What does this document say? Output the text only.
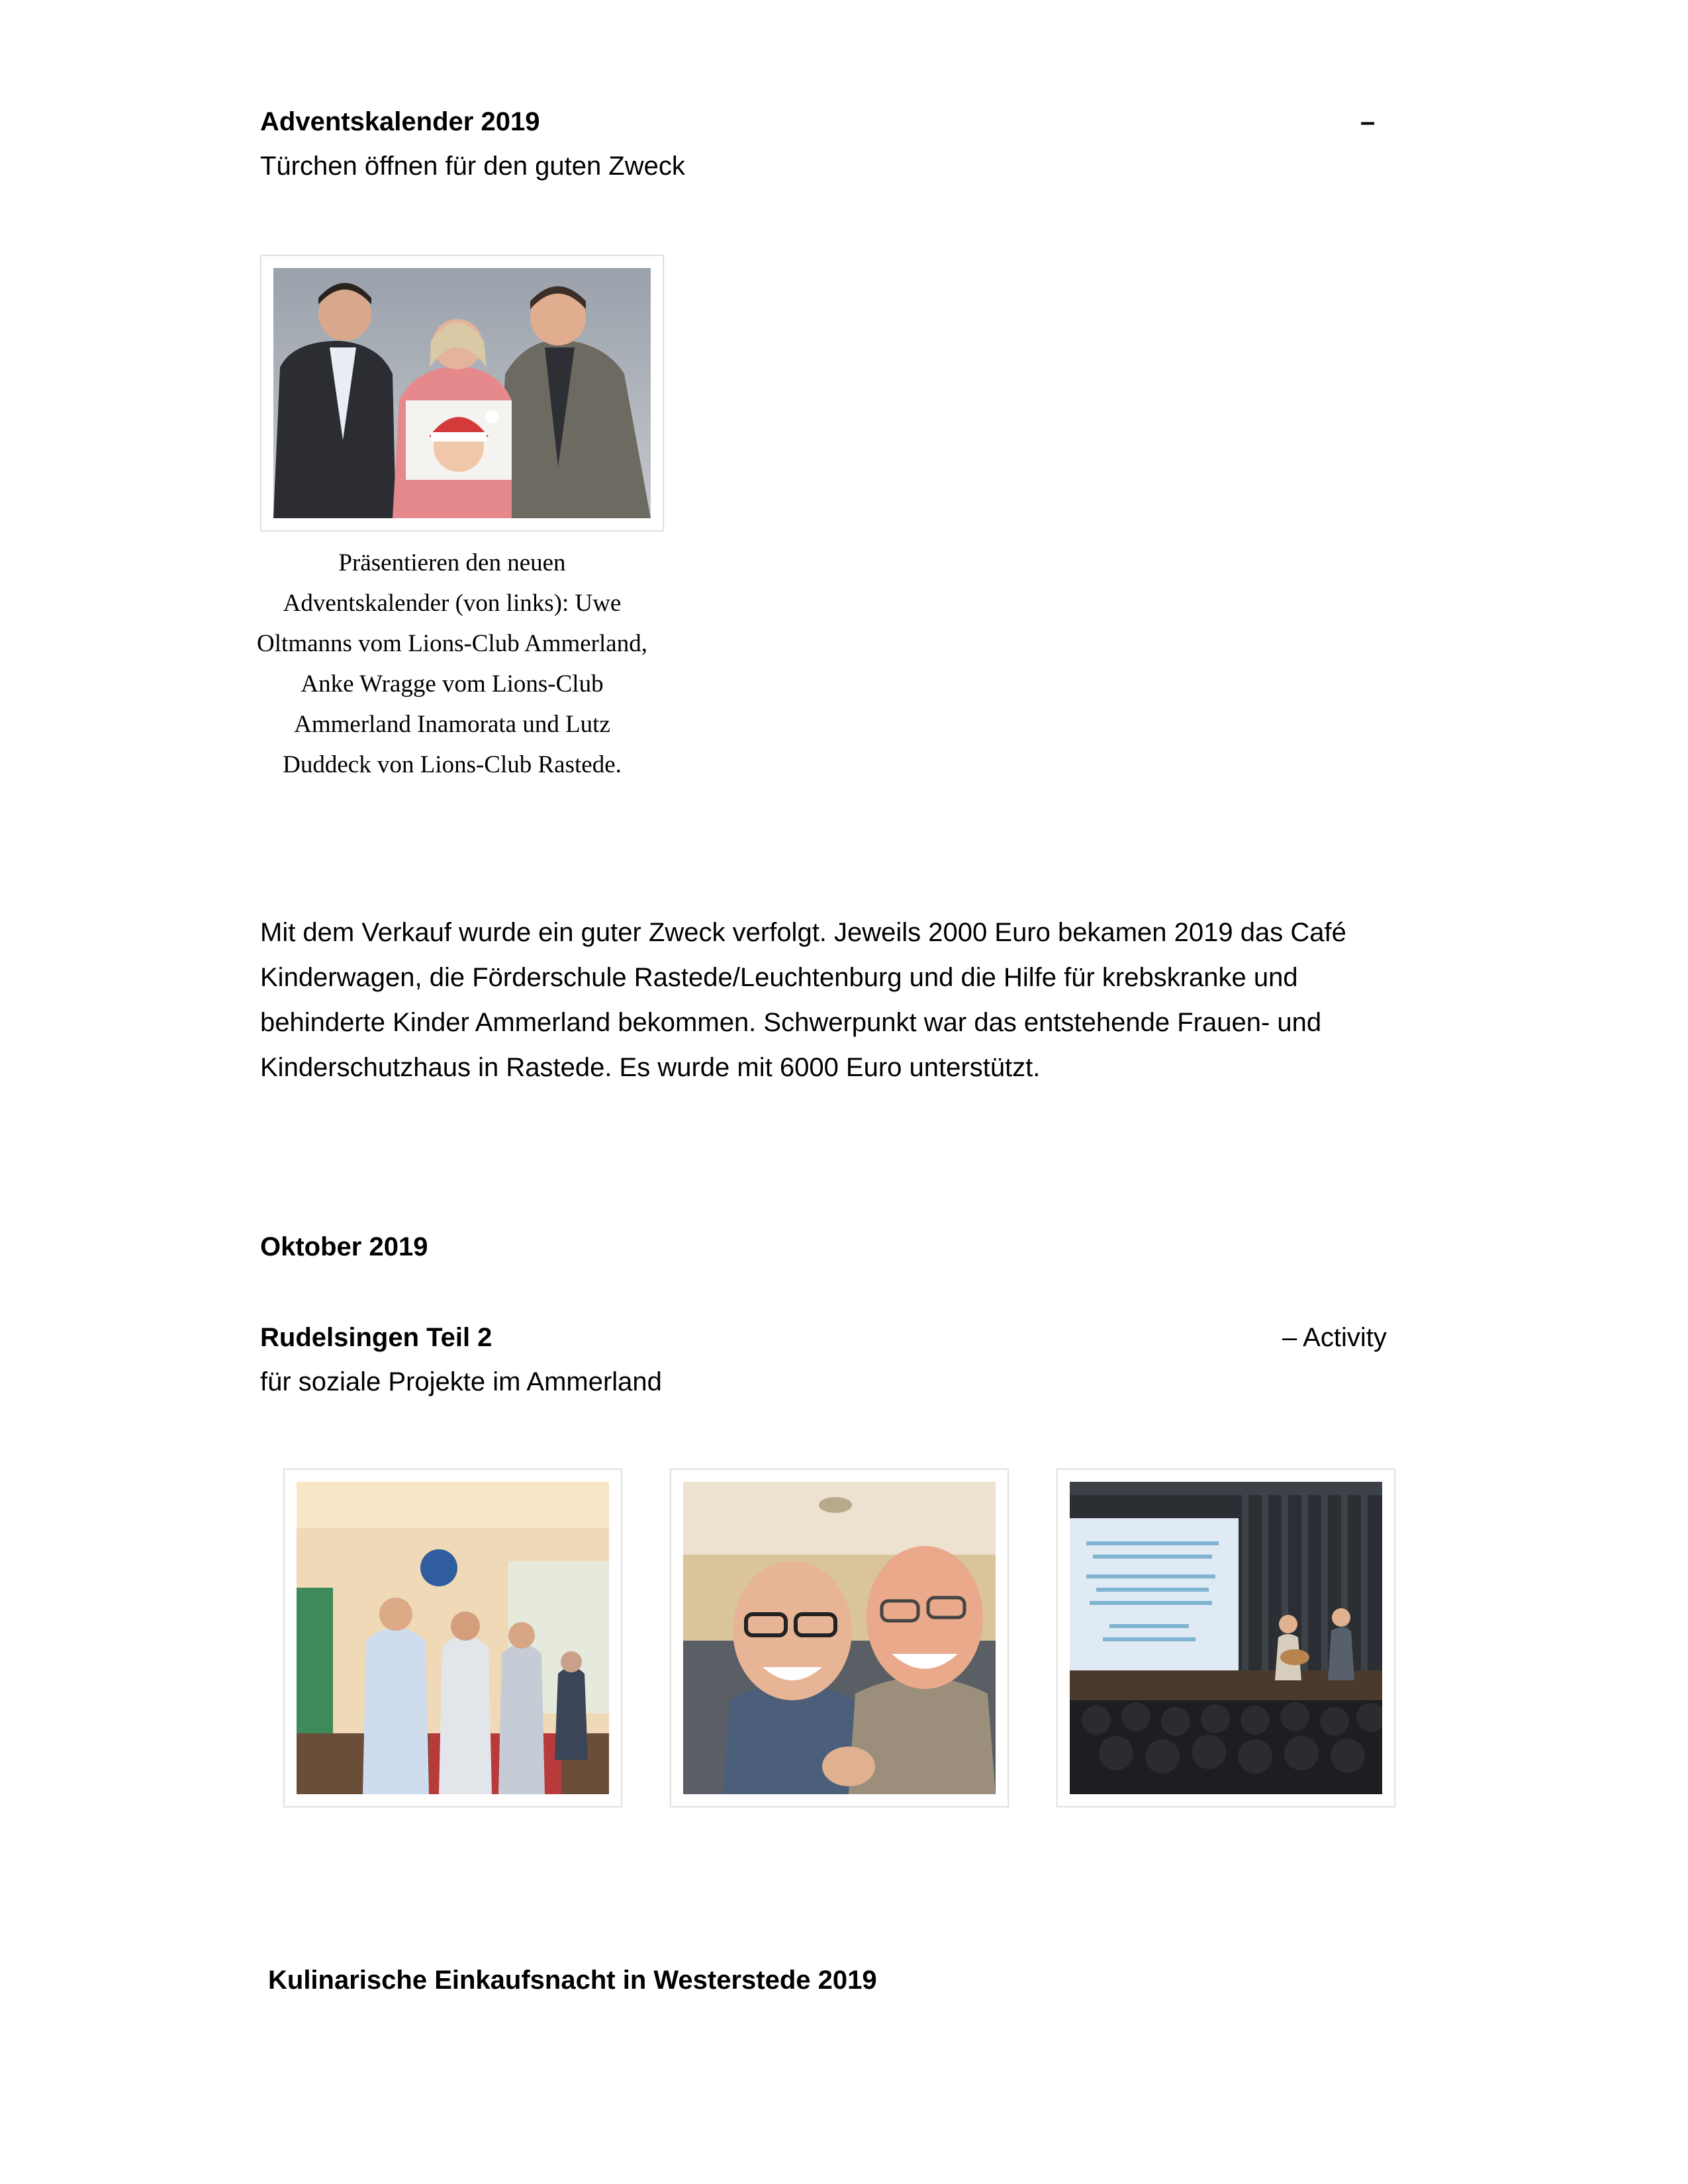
Adventskalender 2019	–
Türchen öffnen für den guten Zweck
Präsentieren den neuen Adventskalender (von links): Uwe Oltmanns vom Lions-Club Ammerland, Anke Wragge vom Lions-Club Ammerland Inamorata und Lutz Duddeck von Lions-Club Rastede.
Mit dem Verkauf wurde ein guter Zweck verfolgt. Jeweils 2000 Euro bekamen 2019 das Café Kinderwagen, die Förderschule Rastede/Leuchtenburg und die Hilfe für krebskranke und behinderte Kinder Ammerland bekommen. Schwerpunkt war das entstehende Frauen- und Kinderschutzhaus in Rastede. Es wurde mit 6000 Euro unterstützt.
Oktober 2019
Rudelsingen Teil 2	– Activity
für soziale Projekte im Ammerland
Kulinarische Einkaufsnacht in Westerstede 2019
